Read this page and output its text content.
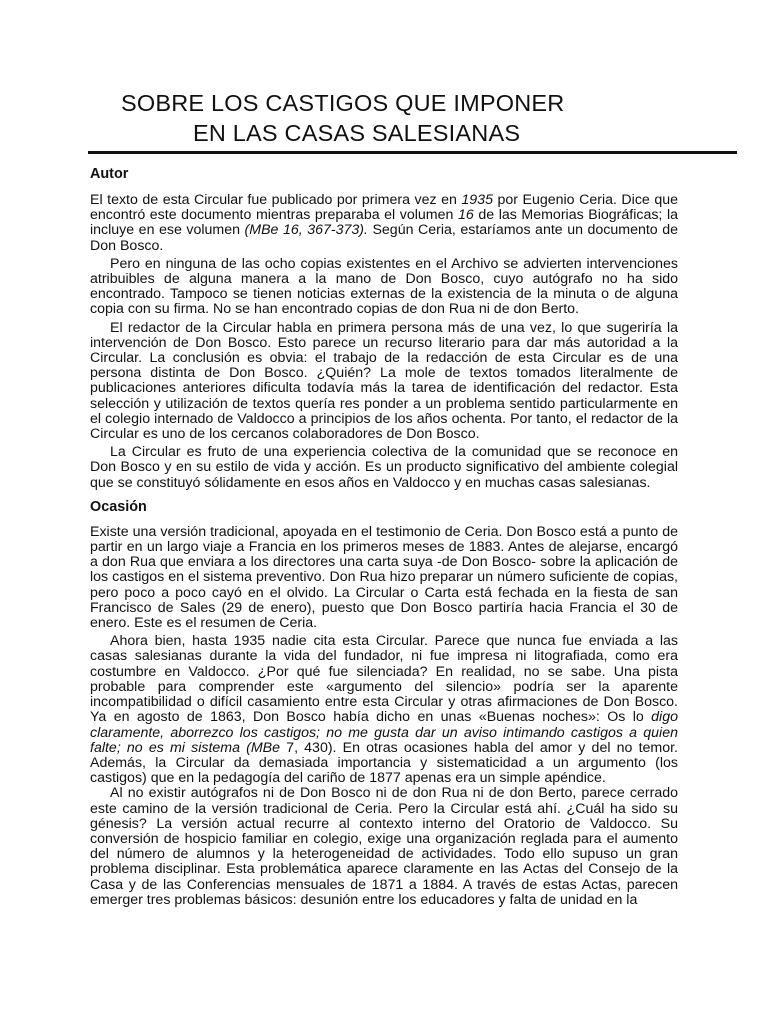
SOBRE LOS CASTIGOS QUE IMPONER
EN LAS CASAS SALESIANAS
Autor

El texto de esta Circular fue publicado por primera vez en 1935 por Eugenio Ceria. Dice que encontró este documento mientras preparaba el volumen 16 de las Memorias Biográficas; la incluye en ese volumen (MBe 16, 367-373). Según Ceria, estaríamos ante un documento de Don Bosco.

Pero en ninguna de las ocho copias existentes en el Archivo se advierten intervenciones atribuibles de alguna manera a la mano de Don Bosco, cuyo autógrafo no ha sido encontrado. Tampoco se tienen noticias externas de la existencia de la minuta o de alguna copia con su firma. No se han encontrado copias de don Rua ni de don Berto.

El redactor de la Circular habla en primera persona más de una vez, lo que sugeriría la intervención de Don Bosco. Esto parece un recurso literario para dar más autoridad a la Circular. La conclusión es obvia: el trabajo de la redacción de esta Circular es de una persona distinta de Don Bosco. ¿Quién? La mole de textos tomados literalmente de publicaciones anteriores dificulta todavía más la tarea de identificación del redactor. Esta selección y utilización de textos quería res ponder a un problema sentido particularmente en el colegio internado de Valdocco a principios de los años ochenta. Por tanto, el redactor de la Circular es uno de los cercanos colaboradores de Don Bosco.

La Circular es fruto de una experiencia colectiva de la comunidad que se reconoce en Don Bosco y en su estilo de vida y acción. Es un producto significativo del ambiente colegial que se constituyó sólidamente en esos años en Valdocco y en muchas casas salesianas.

Ocasión

Existe una versión tradicional, apoyada en el testimonio de Ceria. Don Bosco está a punto de partir en un largo viaje a Francia en los primeros meses de 1883. Antes de alejarse, encargó a don Rua que enviara a los directores una carta suya -de Don Bosco- sobre la aplicación de los castigos en el sistema preventivo. Don Rua hizo preparar un número suficiente de copias, pero poco a poco cayó en el olvido. La Circular o Carta está fechada en la fiesta de san Francisco de Sales (29 de enero), puesto que Don Bosco partiría hacia Francia el 30 de enero. Este es el resumen de Ceria.

Ahora bien, hasta 1935 nadie cita esta Circular. Parece que nunca fue enviada a las casas salesianas durante la vida del fundador, ni fue impresa ni litografiada, como era costumbre en Valdocco. ¿Por qué fue silenciada? En realidad, no se sabe. Una pista probable para comprender este «argumento del silencio» podría ser la aparente incompatibilidad o difícil casamiento entre esta Circular y otras afirmaciones de Don Bosco. Ya en agosto de 1863, Don Bosco había dicho en unas «Buenas noches»: Os lo digo claramente, aborrezco los castigos; no me gusta dar un aviso intimando castigos a quien falte; no es mi sistema (MBe 7, 430). En otras ocasiones habla del amor y del no temor. Además, la Circular da demasiada importancia y sistematicidad a un argumento (los castigos) que en la pedagogía del cariño de 1877 apenas era un simple apéndice.

Al no existir autógrafos ni de Don Bosco ni de don Rua ni de don Berto, parece cerrado este camino de la versión tradicional de Ceria. Pero la Circular está ahí. ¿Cuál ha sido su génesis? La versión actual recurre al contexto interno del Oratorio de Valdocco. Su conversión de hospicio familiar en colegio, exige una organización reglada para el aumento del número de alumnos y la heterogeneidad de actividades. Todo ello supuso un gran problema disciplinar. Esta problemática aparece claramente en las Actas del Consejo de la Casa y de las Conferencias mensuales de 1871 a 1884. A través de estas Actas, parecen emerger tres problemas básicos: desunión entre los educadores y falta de unidad en la
